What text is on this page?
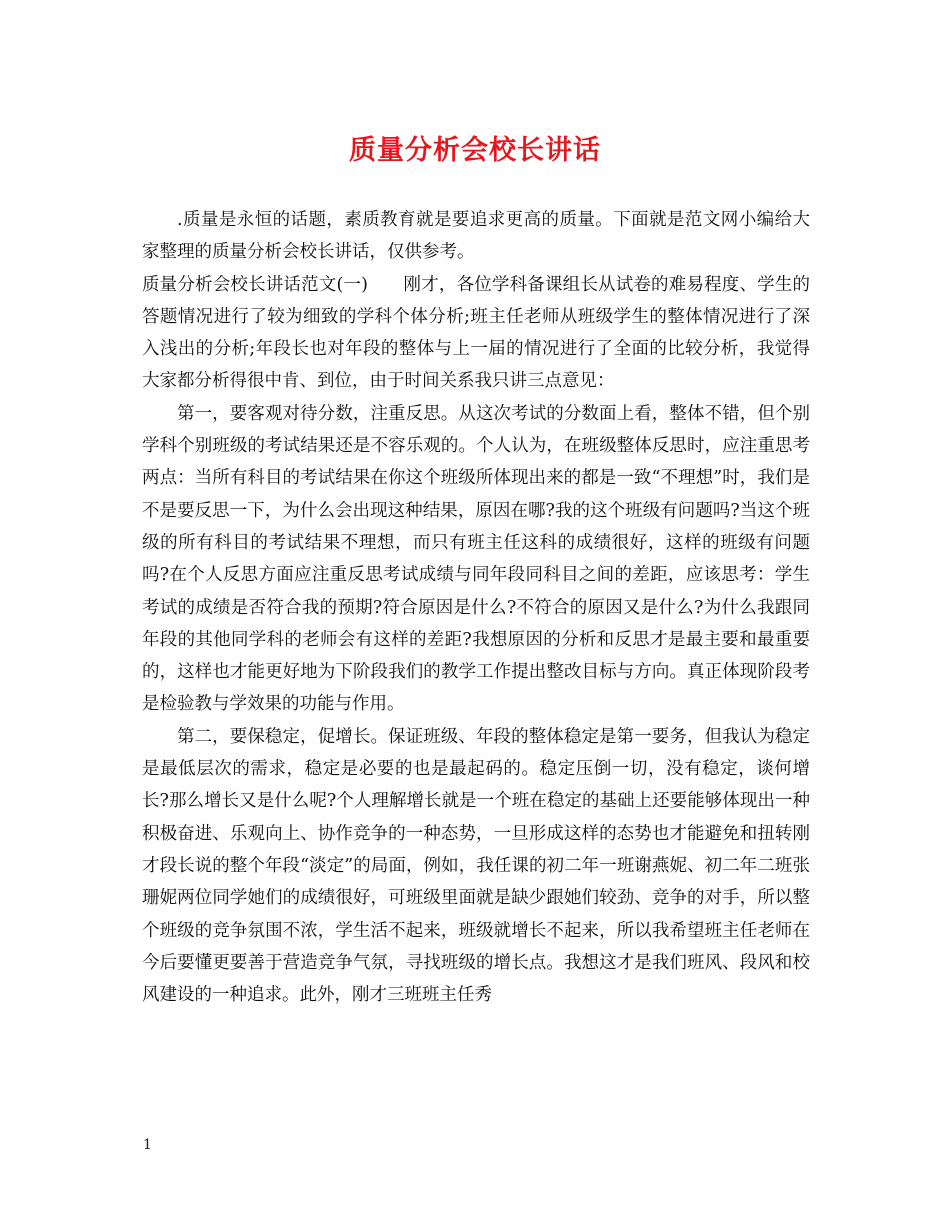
质量分析会校长讲话

.质量是永恒的话题，素质教育就是要追求更高的质量。下面就是范文网小编给大家整理的质量分析会校长讲话，仅供参考。

质量分析会校长讲话范文(一)　　刚才，各位学科备课组长从试卷的难易程度、学生的答题情况进行了较为细致的学科个体分析;班主任老师从班级学生的整体情况进行了深入浅出的分析;年段长也对年段的整体与上一届的情况进行了全面的比较分析，我觉得大家都分析得很中肯、到位，由于时间关系我只讲三点意见：

第一，要客观对待分数，注重反思。从这次考试的分数面上看，整体不错，但个别学科个别班级的考试结果还是不容乐观的。个人认为，在班级整体反思时，应注重思考两点：当所有科目的考试结果在你这个班级所体现出来的都是一致“不理想”时，我们是不是要反思一下，为什么会出现这种结果，原因在哪?我的这个班级有问题吗?当这个班级的所有科目的考试结果不理想，而只有班主任这科的成绩很好，这样的班级有问题吗?在个人反思方面应注重反思考试成绩与同年段同科目之间的差距，应该思考：学生考试的成绩是否符合我的预期?符合原因是什么?不符合的原因又是什么?为什么我跟同年段的其他同学科的老师会有这样的差距?我想原因的分析和反思才是最主要和最重要的，这样也才能更好地为下阶段我们的教学工作提出整改目标与方向。真正体现阶段考是检验教与学效果的功能与作用。

第二，要保稳定，促增长。保证班级、年段的整体稳定是第一要务，但我认为稳定是最低层次的需求，稳定是必要的也是最起码的。稳定压倒一切，没有稳定，谈何增长?那么增长又是什么呢?个人理解增长就是一个班在稳定的基础上还要能够体现出一种积极奋进、乐观向上、协作竞争的一种态势，一旦形成这样的态势也才能避免和扭转刚才段长说的整个年段“淡定”的局面，例如，我任课的初二年一班谢燕妮、初二年二班张珊妮两位同学她们的成绩很好，可班级里面就是缺少跟她们较劲、竞争的对手，所以整个班级的竞争氛围不浓，学生活不起来，班级就增长不起来，所以我希望班主任老师在今后要懂更要善于营造竞争气氛，寻找班级的增长点。我想这才是我们班风、段风和校风建设的一种追求。此外，刚才三班班主任秀

1
